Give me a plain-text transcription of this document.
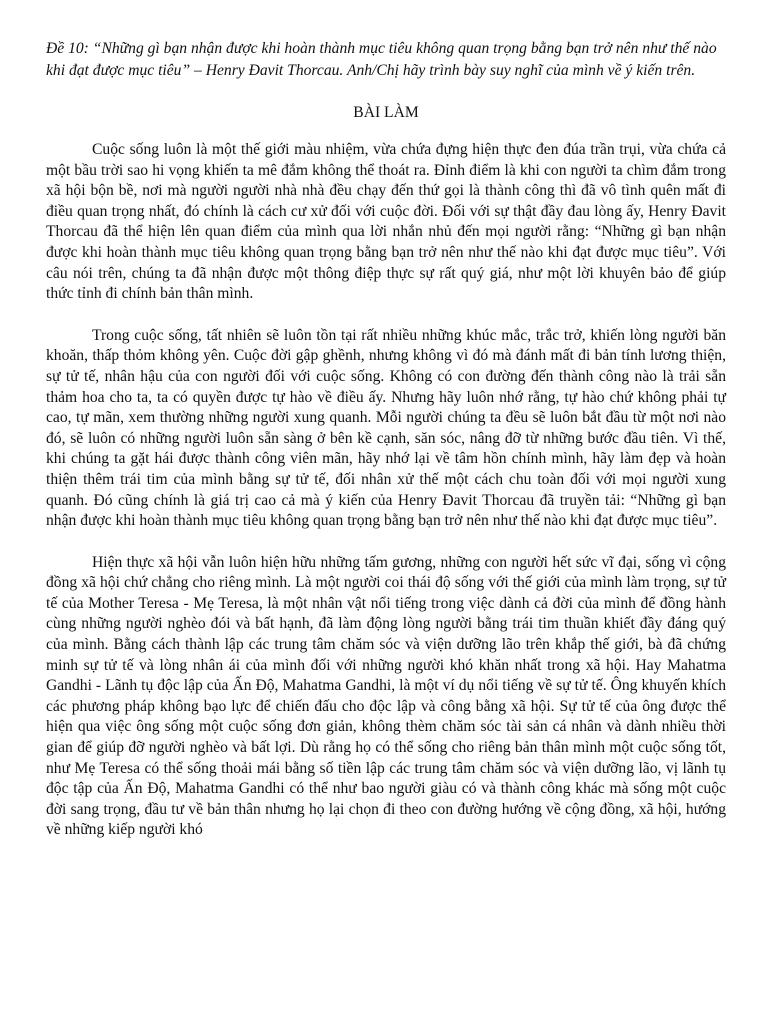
Đề 10: “Những gì bạn nhận được khi hoàn thành mục tiêu không quan trọng bằng bạn trở nên như thế nào khi đạt được mục tiêu” – Henry Đavit Thorcau. Anh/Chị hãy trình bày suy nghĩ của mình về ý kiến trên.

BÀI LÀM

Cuộc sống luôn là một thế giới màu nhiệm, vừa chứa đựng hiện thực đen đúa trần trụi, vừa chứa cả một bầu trời sao hi vọng khiến ta mê đắm không thể thoát ra. Đỉnh điểm là khi con người ta chìm đắm trong xã hội bộn bề, nơi mà người người nhà nhà đều chạy đến thứ gọi là thành công thì đã vô tình quên mất đi điều quan trọng nhất, đó chính là cách cư xử đối với cuộc đời. Đối với sự thật đầy đau lòng ấy, Henry Đavit Thorcau đã thể hiện lên quan điểm của mình qua lời nhắn nhủ đến mọi người rằng: “Những gì bạn nhận được khi hoàn thành mục tiêu không quan trọng bằng bạn trở nên như thế nào khi đạt được mục tiêu”. Với câu nói trên, chúng ta đã nhận được một thông điệp thực sự rất quý giá, như một lời khuyên bảo để giúp thức tỉnh đi chính bản thân mình.

Trong cuộc sống, tất nhiên sẽ luôn tồn tại rất nhiều những khúc mắc, trắc trở, khiến lòng người băn khoăn, thấp thỏm không yên. Cuộc đời gập ghềnh, nhưng không vì đó mà đánh mất đi bản tính lương thiện, sự tử tế, nhân hậu của con người đối với cuộc sống. Không có con đường đến thành công nào là trải sẵn thảm hoa cho ta, ta có quyền được tự hào về điều ấy. Nhưng hãy luôn nhớ rằng, tự hào chứ không phải tự cao, tự mãn, xem thường những người xung quanh. Mỗi người chúng ta đều sẽ luôn bắt đầu từ một nơi nào đó, sẽ luôn có những người luôn sẵn sàng ở bên kề cạnh, săn sóc, nâng đỡ từ những bước đầu tiên. Vì thế, khi chúng ta gặt hái được thành công viên mãn, hãy nhớ lại về tâm hồn chính mình, hãy làm đẹp và hoàn thiện thêm trái tim của mình bằng sự tử tế, đối nhân xử thế một cách chu toàn đối với mọi người xung quanh. Đó cũng chính là giá trị cao cả mà ý kiến của Henry Đavit Thorcau đã truyền tải: “Những gì bạn nhận được khi hoàn thành mục tiêu không quan trọng bằng bạn trở nên như thế nào khi đạt được mục tiêu”.

Hiện thực xã hội vẫn luôn hiện hữu những tấm gương, những con người hết sức vĩ đại, sống vì cộng đồng xã hội chứ chẳng cho riêng mình. Là một người coi thái độ sống với thế giới của mình làm trọng, sự tử tế của Mother Teresa - Mẹ Teresa, là một nhân vật nổi tiếng trong việc dành cả đời của mình để đồng hành cùng những người nghèo đói và bất hạnh, đã làm động lòng người bằng trái tim thuần khiết đầy đáng quý của mình. Bằng cách thành lập các trung tâm chăm sóc và viện dưỡng lão trên khắp thế giới, bà đã chứng minh sự tử tế và lòng nhân ái của mình đối với những người khó khăn nhất trong xã hội. Hay Mahatma Gandhi - Lãnh tụ độc lập của Ấn Độ, Mahatma Gandhi, là một ví dụ nổi tiếng về sự tử tế. Ông khuyến khích các phương pháp không bạo lực để chiến đấu cho độc lập và công bằng xã hội. Sự tử tế của ông được thể hiện qua việc ông sống một cuộc sống đơn giản, không thèm chăm sóc tài sản cá nhân và dành nhiều thời gian để giúp đỡ người nghèo và bất lợi. Dù rằng họ có thể sống cho riêng bản thân mình một cuộc sống tốt, như Mẹ Teresa có thể sống thoải mái bằng số tiền lập các trung tâm chăm sóc và viện dưỡng lão, vị lãnh tụ độc tập của Ấn Độ, Mahatma Gandhi có thể như bao người giàu có và thành công khác mà sống một cuộc đời sang trọng, đầu tư về bản thân nhưng họ lại chọn đi theo con đường hướng về cộng đồng, xã hội, hướng về những kiếp người khó
